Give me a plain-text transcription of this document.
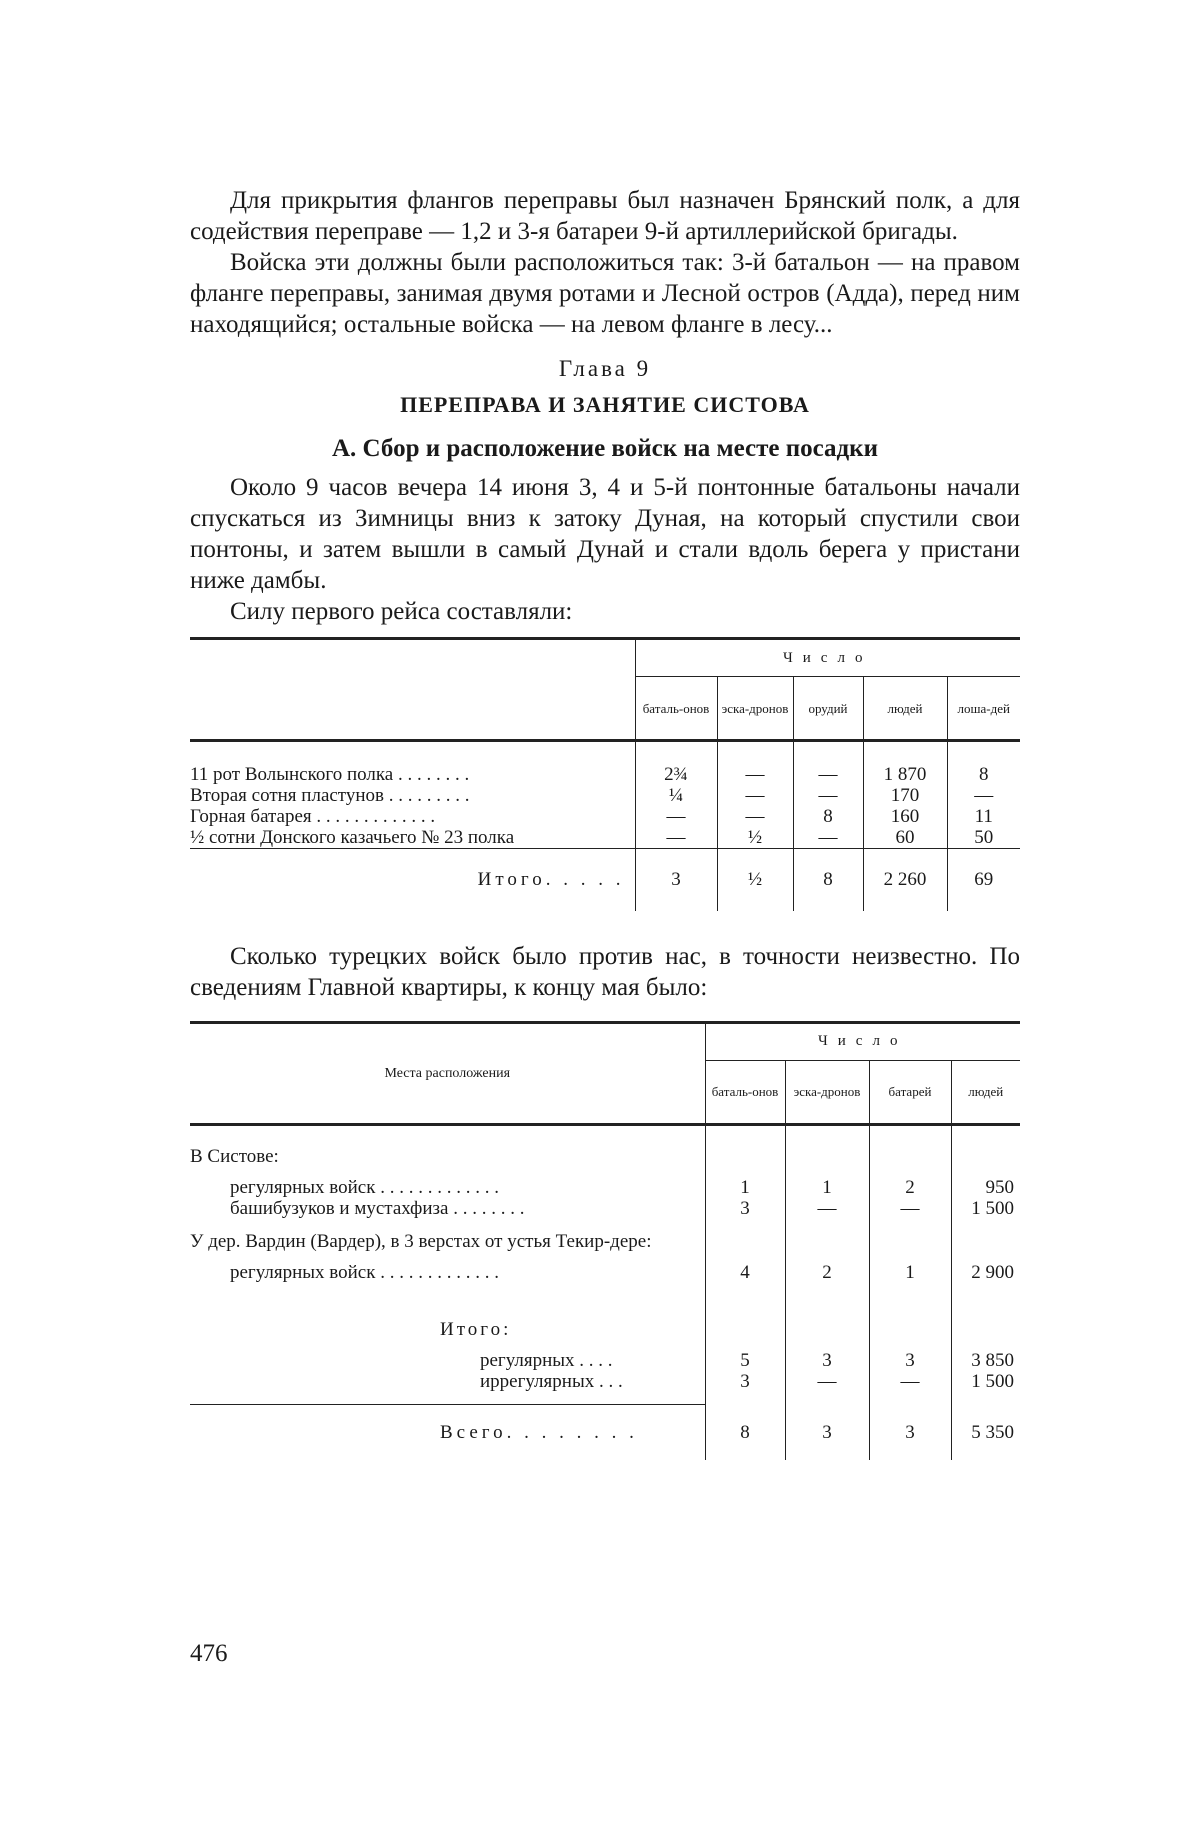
Для прикрытия флангов переправы был назначен Брянский полк, а для содействия переправе — 1,2 и 3-я батареи 9-й артиллерийской бригады.

Войска эти должны были расположиться так: 3-й батальон — на правом фланге переправы, занимая двумя ротами и Лесной остров (Адда), перед ним находящийся; остальные войска — на левом фланге в лесу...

Глава 9
ПЕРЕПРАВА И ЗАНЯТИЕ СИСТОВА
А. Сбор и расположение войск на месте посадки

Около 9 часов вечера 14 июня 3, 4 и 5-й понтонные батальоны начали спускаться из Зимницы вниз к затоку Дуная, на который спустили свои понтоны, и затем вышли в самый Дунай и стали вдоль берега у пристани ниже дамбы.

Силу первого рейса составляли:

	Число				
	баталь-онов	эска-дронов	орудий	людей	лоша-дей

11 рот Волынского полка . . . . . . . .	2¾	—	—	1 870	8
Вторая сотня пластунов . . . . . . . . .	¼	—	—	170	—
Горная батарея . . . . . . . . . . . . .	—	—	8	160	11
½ сотни Донского казачьего № 23 полка	—	½	—	60	50
Итого. . . . .	3	½	8	2 260	69

Сколько турецких войск было против нас, в точности неизвестно. По сведениям Главной квартиры, к концу мая было:

Места расположения	Число			
	баталь-онов	эска-дронов	батарей	людей

В Систове:				

регулярных войск . . . . . . . . . . . . .	1	1	2	950
башибузуков и мустахфиза . . . . . . . .	3	—	—	1 500

У дер. Вардин (Вардер), в 3 верстах от устья Текир-дере:				

регулярных войск . . . . . . . . . . . . .	4	2	1	2 900

Итого:				

регулярных . . . .	5	3	3	3 850
иррегулярных . . .	3	—	—	1 500

Всего. . . . . . . .	8	3	3	5 350
476
